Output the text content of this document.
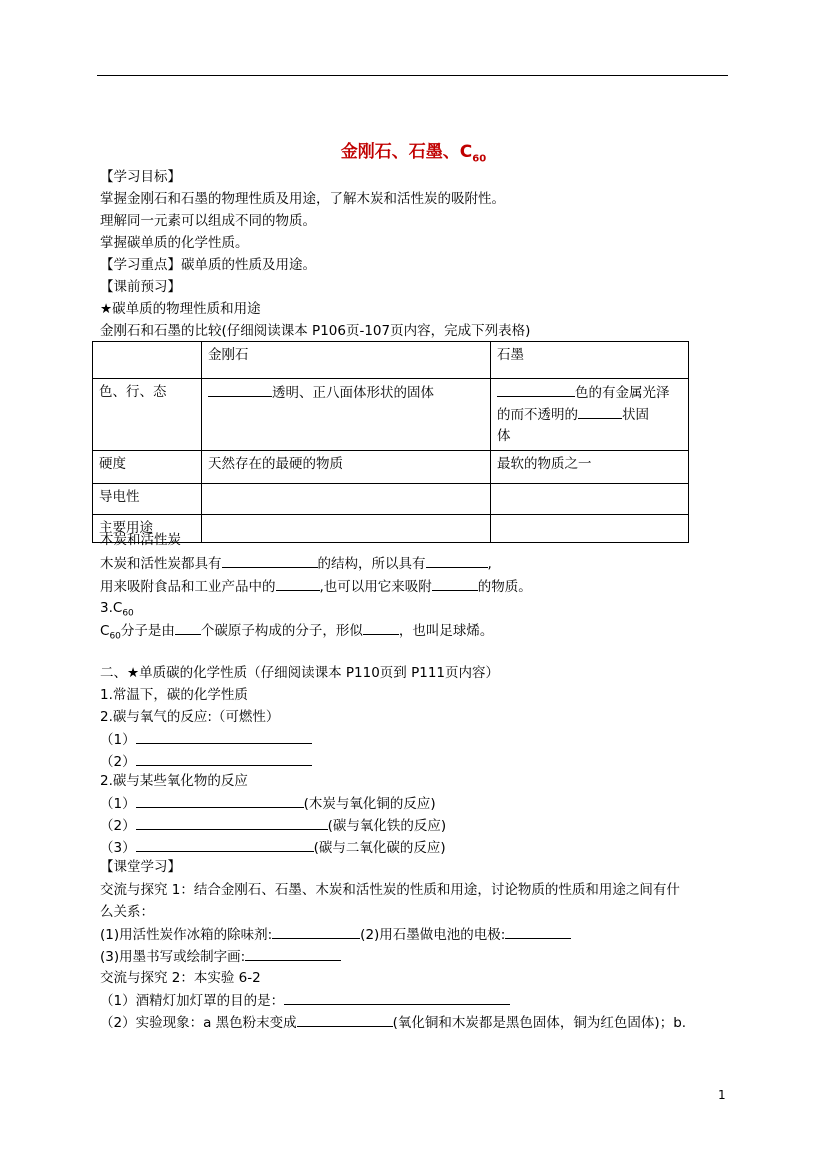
金刚石、石墨、$C_{60}$
【学习目标】
掌握金刚石和石墨的物理性质及用途，了解木炭和活性炭的吸附性。
理解同一元素可以组成不同的物质。
掌握碳单质的化学性质。
【学习重点】碳单质的性质及用途。
【课前预习】
★碳单质的物理性质和用途
金刚石和石墨的比较(仔细阅读课本 P106页-107页内容，完成下列表格)
	金刚石	石墨
色、行、态	透明、正八面体形状的固体	色的有金属光泽
的而不透明的 状固
体
硬度	天然存在的最硬的物质	最软的物质之一
导电性		
主要用途		
木炭和活性炭
木炭和活性炭都具有	的结构，所以具有	,
用来吸附食品和工业产品中的	,也可以用它来吸附	的物质。
$3.C_{60}$
$C_{60}$分子是由 个碳原子构成的分子，形似	，也叫足球烯。
二、★单质碳的化学性质（仔细阅读课本 P110页到 P111页内容）
1.常温下，碳的化学性质
2.碳与氧气的反应:（可燃性）
（1）
（2）
2.碳与某些氧化物的反应
（1）	(木炭与氧化铜的反应)
（2）	(碳与氧化铁的反应)
（3）	(碳与二氧化碳的反应)
【课堂学习】
交流与探究 1：结合金刚石、石墨、木炭和活性炭的性质和用途，讨论物质的性质和用途之间有什
么关系：
(1)用活性炭作冰箱的除味剂:	(2)用石墨做电池的电极:
(3)用墨书写或绘制字画:
交流与探究 2：本实验 6-2
（1）酒精灯加灯罩的目的是：
（2）实验现象：a 黑色粉末变成	(氧化铜和木炭都是黑色固体，铜为红色固体)；b.
1
